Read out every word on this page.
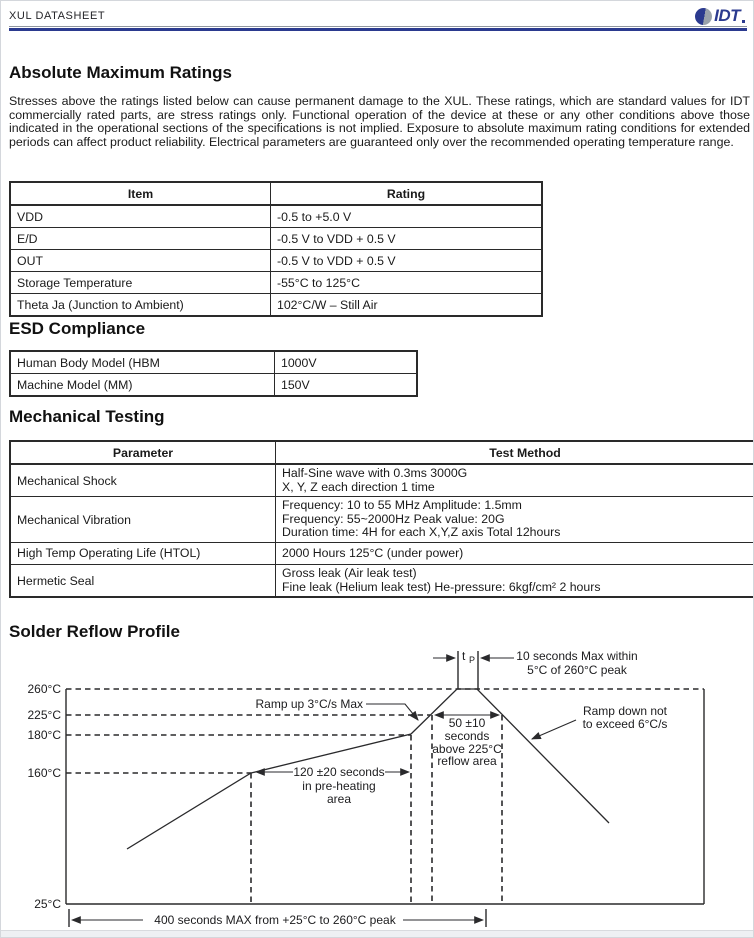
XUL DATASHEET	IDT
Absolute Maximum Ratings
Stresses above the ratings listed below can cause permanent damage to the XUL. These ratings, which are standard values for IDT commercially rated parts, are stress ratings only. Functional operation of the device at these or any other conditions above those indicated in the operational sections of the specifications is not implied. Exposure to absolute maximum rating conditions for extended periods can affect product reliability. Electrical parameters are guaranteed only over the recommended operating temperature range.
Item	Rating
VDD	-0.5 to +5.0 V
E/D	-0.5 V to VDD + 0.5 V
OUT	-0.5 V to VDD + 0.5 V
Storage Temperature	-55°C to 125°C
Theta Ja (Junction to Ambient)	102°C/W – Still Air
ESD Compliance
Human Body Model (HBM	1000V
Machine Model (MM)	150V
Mechanical Testing
Parameter	Test Method
Mechanical Shock	Half-Sine wave with 0.3ms 3000G
X, Y, Z each direction 1 time

Mechanical Vibration	Frequency: 10 to 55 MHz Amplitude: 1.5mm
Frequency: 55~2000Hz Peak value: 20G
Duration time: 4H for each X,Y,Z axis Total 12hours

High Temp Operating Life (HTOL)	2000 Hours 125°C (under power)

Hermetic Seal	Gross leak (Air leak test)
Fine leak (Helium leak test) He-pressure: 6kgf/cm² 2 hours
Solder Reflow Profile
260°C
225°C
180°C
160°C
25°C
t P	10 seconds Max within
5°C of 260°C peak
Ramp up 3°C/s Max
50 ±10
seconds
above 225°C
reflow area
Ramp down not
to exceed 6°C/s
120 ±20 seconds
in pre-heating
area
400 seconds MAX from +25°C to 260°C peak
